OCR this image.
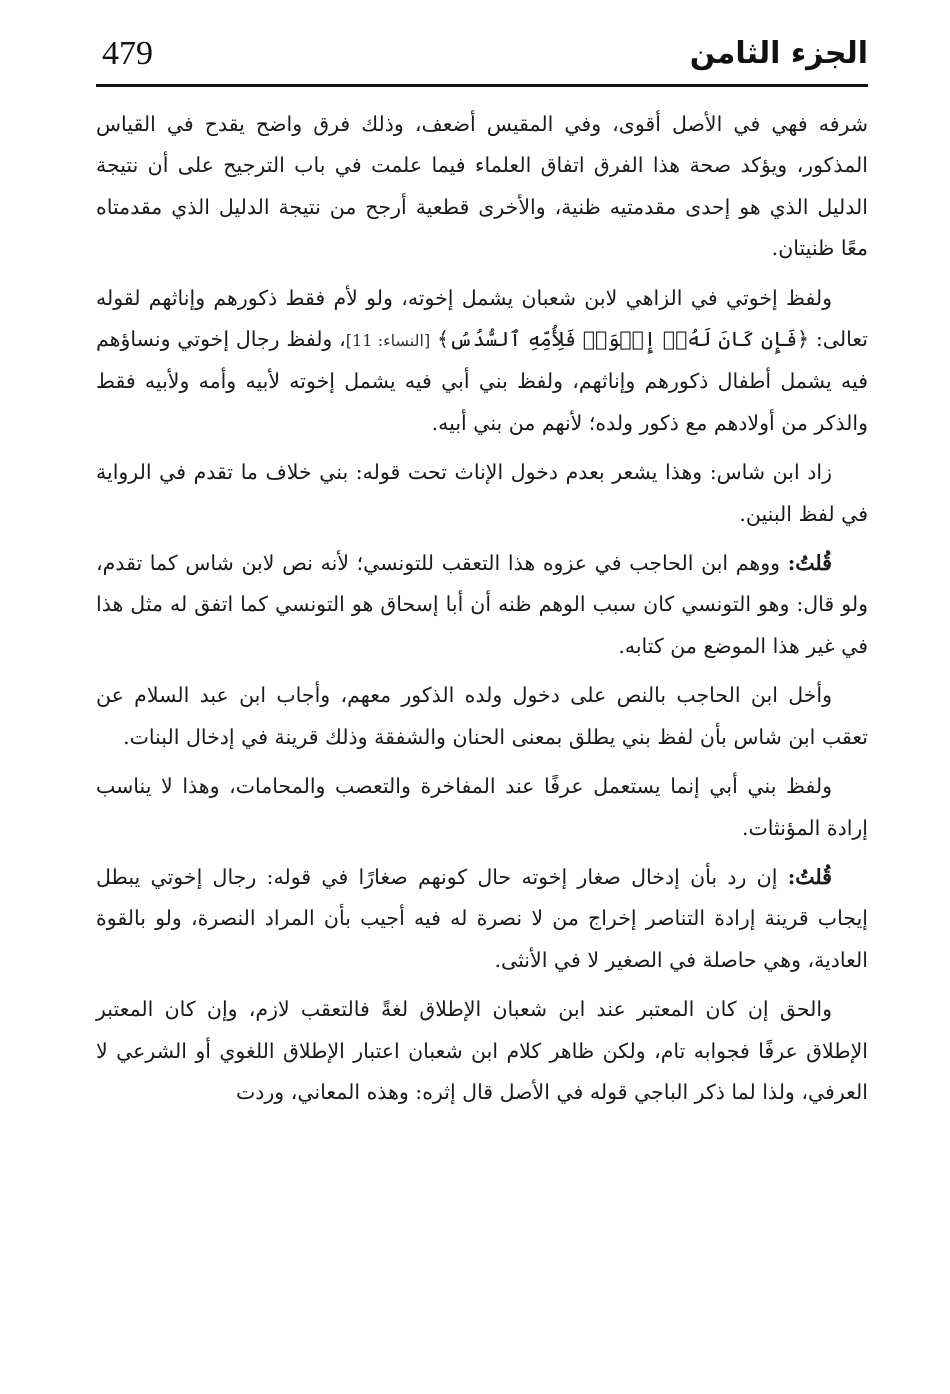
479	الجزء الثامن

شرفه فهي في الأصل أقوى، وفي المقيس أضعف، وذلك فرق واضح يقدح في القياس المذكور، ويؤكد صحة هذا الفرق اتفاق العلماء فيما علمت في باب الترجيح على أن نتيجة الدليل الذي هو إحدى مقدمتيه ظنية، والأخرى قطعية أرجح من نتيجة الدليل الذي مقدمتاه معًا ظنيتان.

ولفظ إخوتي في الزاهي لابن شعبان يشمل إخوته، ولو لأم فقط ذكورهم وإناثهم لقوله تعالى: ﴿فَإِن كَانَ لَهُۥٓ إِخۡوَةٞ فَلِأُمِّهِ ٱلسُّدُسُ﴾ [النساء: 11]، ولفظ رجال إخوتي ونساؤهم فيه يشمل أطفال ذكورهم وإناثهم، ولفظ بني أبي فيه يشمل إخوته لأبيه وأمه ولأبيه فقط والذكر من أولادهم مع ذكور ولده؛ لأنهم من بني أبيه.

زاد ابن شاس: وهذا يشعر بعدم دخول الإناث تحت قوله: بني خلاف ما تقدم في الرواية في لفظ البنين.

قُلتُ: ووهم ابن الحاجب في عزوه هذا التعقب للتونسي؛ لأنه نص لابن شاس كما تقدم، ولو قال: وهو التونسي كان سبب الوهم ظنه أن أبا إسحاق هو التونسي كما اتفق له مثل هذا في غير هذا الموضع من كتابه.

وأخل ابن الحاجب بالنص على دخول ولده الذكور معهم، وأجاب ابن عبد السلام عن تعقب ابن شاس بأن لفظ بني يطلق بمعنى الحنان والشفقة وذلك قرينة في إدخال البنات.

ولفظ بني أبي إنما يستعمل عرفًا عند المفاخرة والتعصب والمحامات، وهذا لا يناسب إرادة المؤنثات.

قُلتُ: إن رد بأن إدخال صغار إخوته حال كونهم صغارًا في قوله: رجال إخوتي يبطل إيجاب قرينة إرادة التناصر إخراج من لا نصرة له فيه أجيب بأن المراد النصرة، ولو بالقوة العادية، وهي حاصلة في الصغير لا في الأنثى.

والحق إن كان المعتبر عند ابن شعبان الإطلاق لغةً فالتعقب لازم، وإن كان المعتبر الإطلاق عرفًا فجوابه تام، ولكن ظاهر كلام ابن شعبان اعتبار الإطلاق اللغوي أو الشرعي لا العرفي، ولذا لما ذكر الباجي قوله في الأصل قال إثره: وهذه المعاني، وردت
